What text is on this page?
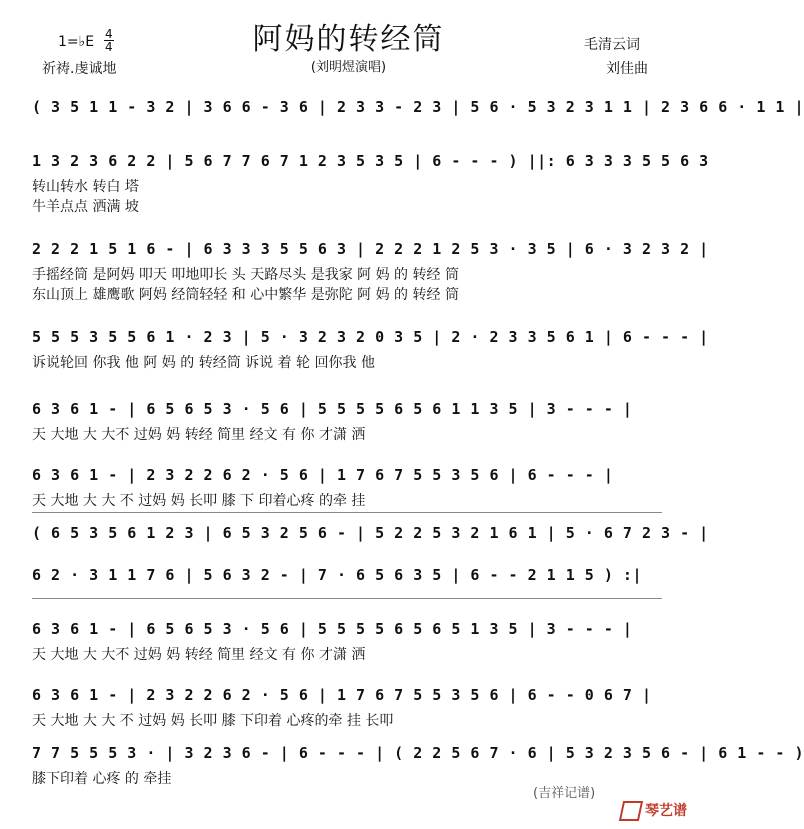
阿妈的转经筒
(刘明煜演唱)
1=♭E 4
4
祈祷.虔诚地
毛清云词
刘佳曲
( 3 5 1 1 - 3 2 | 3 6 6 - 3 6 | 2 3 3 - 2 3 | 5 6 · 5 3 2 3 1 1 | 2 3 6 6 · 1 1 |
1 3 2 3 6 2 2 | 5 6 7 7 6 7 1 2 3 5 3 5 | 6 - - - ) ||: 6 3 3 3 5 5 6 3
转山转水 转白 塔
牛羊点点 洒满 坡
2 2 2 1 5 1 6 - | 6 3 3 3 5 5 6 3 | 2 2 2 1 2 5 3 · 3 5 | 6 · 3 2 3 2 |
手摇经筒 是阿妈 叩天 叩地叩长 头 天路尽头 是我家 阿 妈 的 转经 筒
东山顶上 雄鹰歌 阿妈 经筒轻轻 和 心中繁华 是弥陀 阿 妈 的 转经 筒
5 5 5 3 5 5 6 1 · 2 3 | 5 · 3 2 3 2 0 3 5 | 2 · 2 3 3 5 6 1 | 6 - - - |
诉说轮回 你我 他 阿 妈 的 转经筒 诉说 着 轮 回你我 他
6 3 6 1 - | 6 5 6 5 3 · 5 6 | 5 5 5 5 6 5 6 1 1 3 5 | 3 - - - |
天 大地 大 大不 过妈 妈 转经 简里 经文 有 你 才潇 洒
6 3 6 1 - | 2 3 2 2 6 2 · 5 6 | 1 7 6 7 5 5 3 5 6 | 6 - - - |
天 大地 大 大 不 过妈 妈 长叩 膝 下 印着心疼 的牵 挂
( 6 5 3 5 6 1 2 3 | 6 5 3 2 5 6 - | 5 2 2 5 3 2 1 6 1 | 5 · 6 7 2 3 - |
6 2 · 3 1 1 7 6 | 5 6 3 2 - | 7 · 6 5 6 3 5 | 6 - - 2 1 1 5 ) :|
6 3 6 1 - | 6 5 6 5 3 · 5 6 | 5 5 5 5 6 5 6 5 1 3 5 | 3 - - - |
天 大地 大 大不 过妈 妈 转经 简里 经文 有 你 才潇 洒
6 3 6 1 - | 2 3 2 2 6 2 · 5 6 | 1 7 6 7 5 5 3 5 6 | 6 - - 0 6 7 |
天 大地 大 大 不 过妈 妈 长叩 膝 下印着 心疼的牵 挂 长叩
7 7 5 5 5 3 · | 3 2 3 6 - | 6 - - - | ( 2 2 5 6 7 · 6 | 5 3 2 3 5 6 - | 6 1 - - )
膝下印着 心疼 的 牵挂
(吉祥记谱)
琴艺谱
